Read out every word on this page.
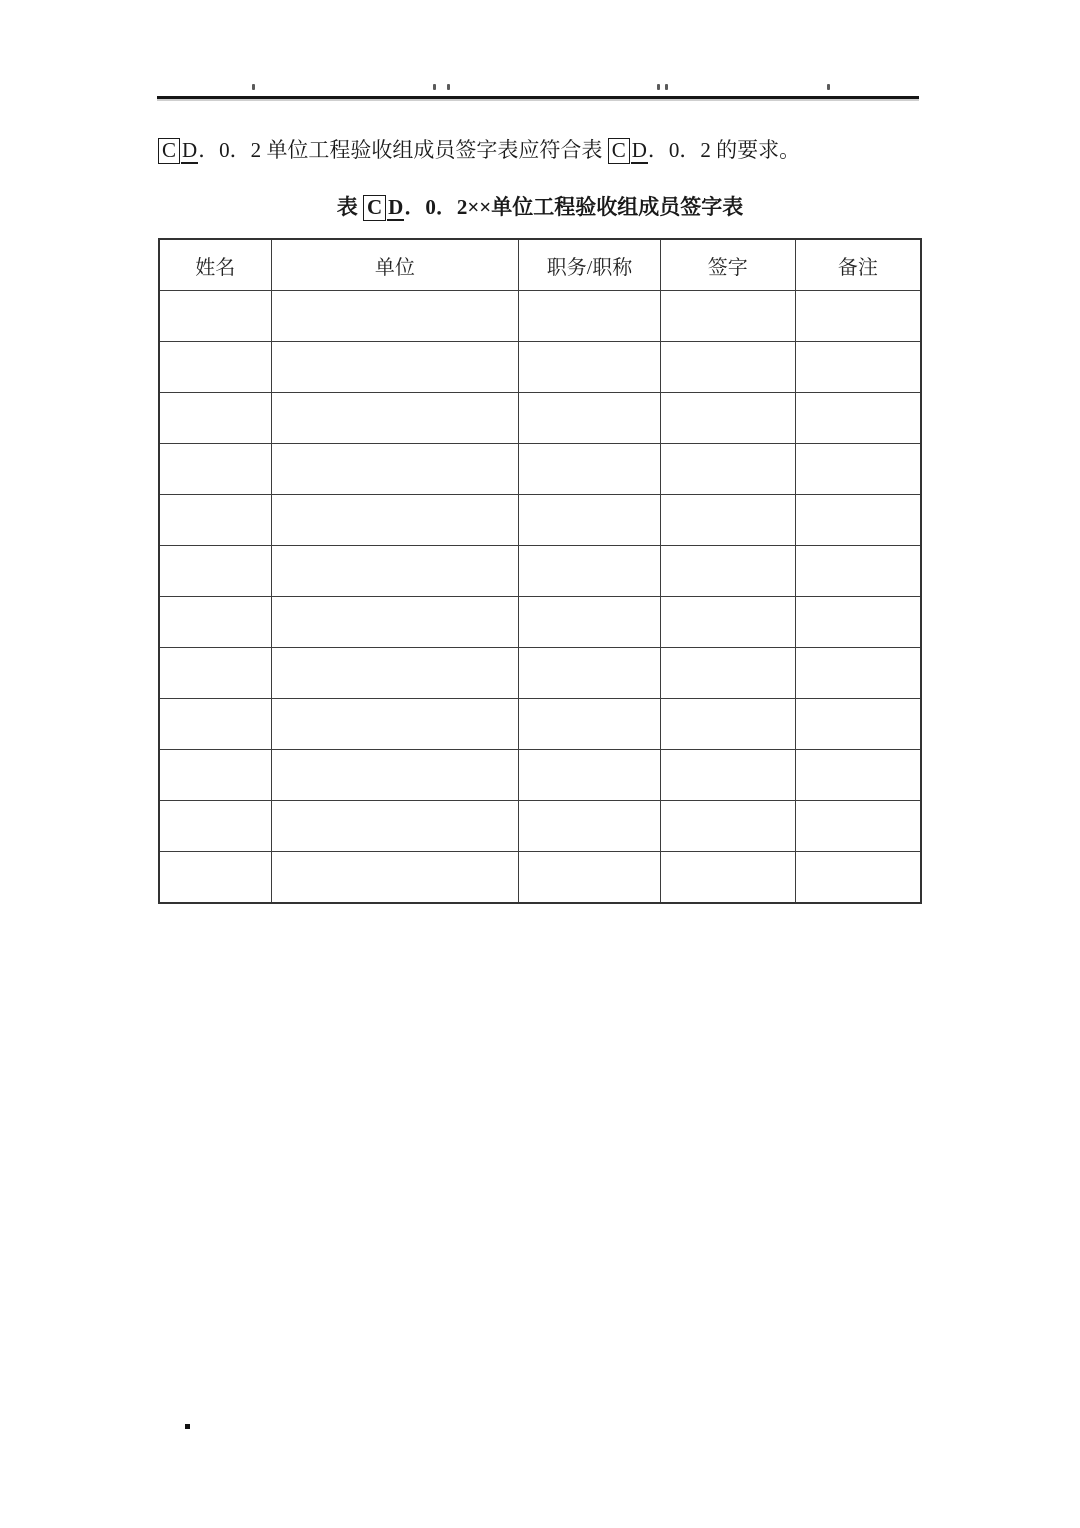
C D．0．2 单位工程验收组成员签字表应符合表 C D．0．2 的要求。

表 C D．0．2××单位工程验收组成员签字表
姓名	单位	职务/职称	签字	备注
